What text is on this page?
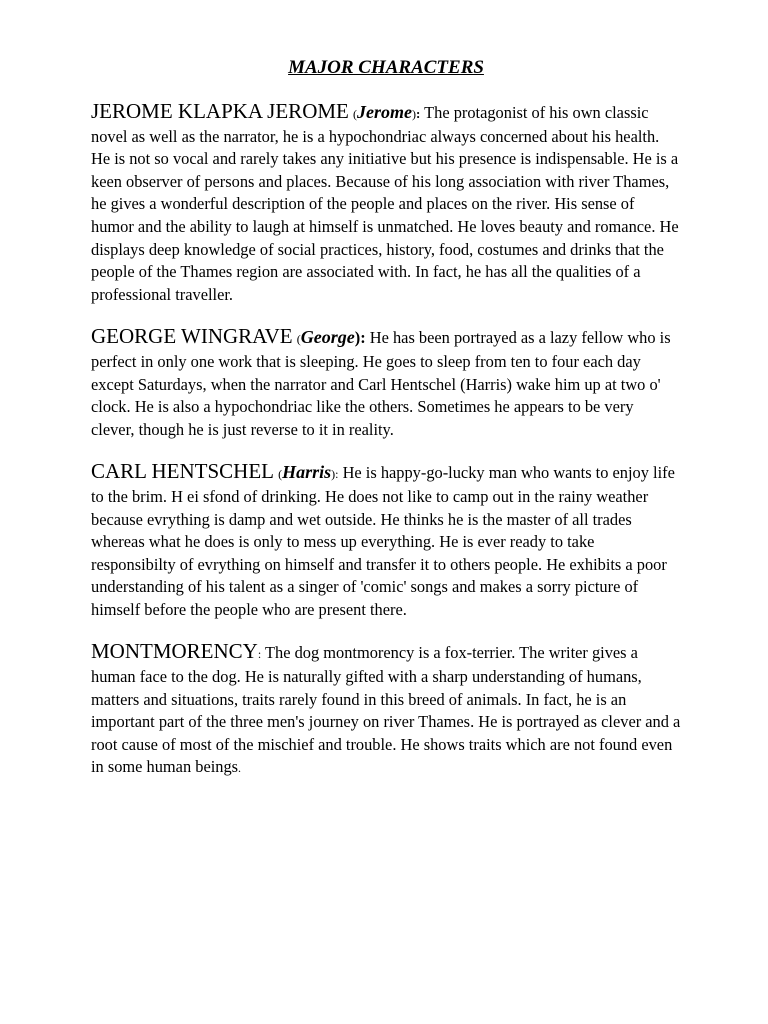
MAJOR CHARACTERS

JEROME KLAPKA JEROME (Jerome): The protagonist of his own classic novel as well as the narrator, he is a hypochondriac always concerned about his health. He is not so vocal and rarely takes any initiative but his presence is indispensable. He is a keen observer of persons and places. Because of his long association with river Thames, he gives a wonderful description of the people and places on the river. His sense of humor and the ability to laugh at himself is unmatched. He loves beauty and romance. He displays deep knowledge of social practices, history, food, costumes and drinks that the people of the Thames region are associated with. In fact, he has all the qualities of a professional traveller.

GEORGE WINGRAVE (George): He has been portrayed as a lazy fellow who is perfect in only one work that is sleeping. He goes to sleep from ten to four each day except Saturdays, when the narrator and Carl Hentschel (Harris) wake him up at two o' clock. He is also a hypochondriac like the others. Sometimes he appears to be very clever, though he is just reverse to it in reality.

CARL HENTSCHEL (Harris): He is happy-go-lucky man who wants to enjoy life to the brim. H ei sfond of drinking. He does not like to camp out in the rainy weather because evrything is damp and wet outside. He thinks he is the master of all trades whereas what he does is only to mess up everything. He is ever ready to take responsibilty of evrything on himself and transfer it to others people. He exhibits a poor understanding of his talent as a singer of 'comic' songs and makes a sorry picture of himself before the people who are present there.

MONTMORENCY: The dog montmorency is a fox-terrier. The writer gives a human face to the dog. He is naturally gifted with a sharp understanding of humans, matters and situations, traits rarely found in this breed of animals. In fact, he is an important part of the three men's journey on river Thames. He is portrayed as clever and a root cause of most of the mischief and trouble. He shows traits which are not found even in some human beings.
